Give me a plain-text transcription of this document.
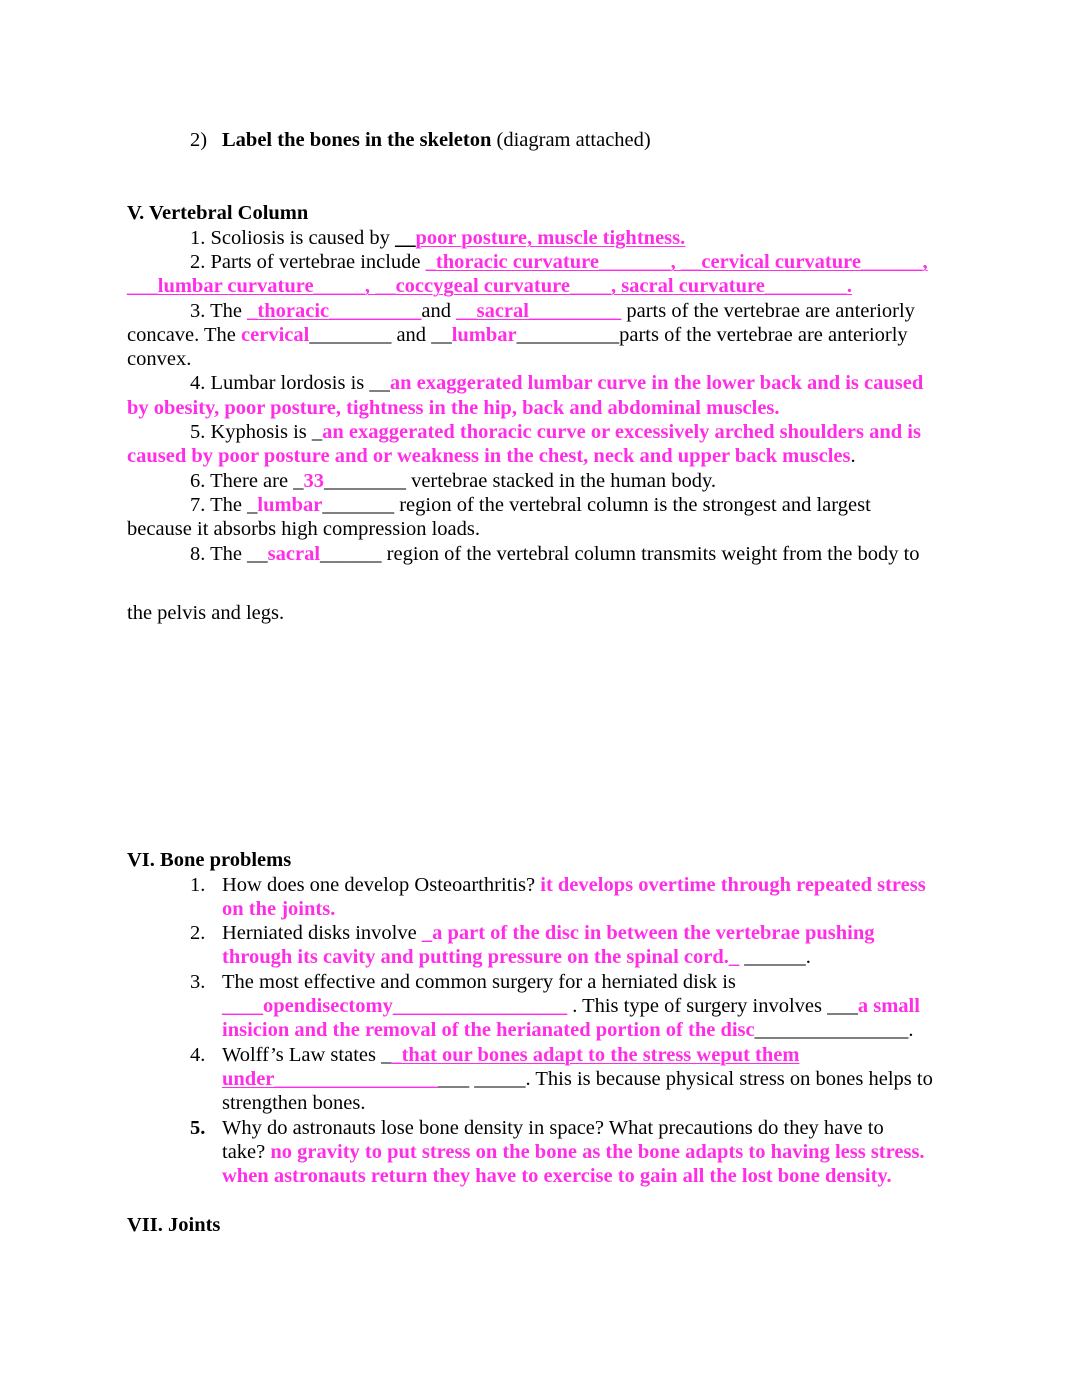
2) Label the bones in the skeleton (diagram attached)
V. Vertebral Column
1. Scoliosis is caused by __poor posture, muscle tightness.
2. Parts of vertebrae include _thoracic curvature_______, __cervical curvature______,
___lumbar curvature_____, __coccygeal curvature____, sacral curvature________.
3. The _thoracic_________and __sacral_________ parts of the vertebrae are anteriorly
concave. The cervical________ and __lumbar__________parts of the vertebrae are anteriorly
convex.
4. Lumbar lordosis is __an exaggerated lumbar curve in the lower back and is caused
by obesity, poor posture, tightness in the hip, back and abdominal muscles.
5. Kyphosis is _an exaggerated thoracic curve or excessively arched shoulders and is
caused by poor posture and or weakness in the chest, neck and upper back muscles.
6. There are _33________ vertebrae stacked in the human body.
7. The _lumbar_______ region of the vertebral column is the strongest and largest
because it absorbs high compression loads.
8. The __sacral______ region of the vertebral column transmits weight from the body to
the pelvis and legs.
VI. Bone problems
1. How does one develop Osteoarthritis? it develops overtime through repeated stress
on the joints.
2. Herniated disks involve _a part of the disc in between the vertebrae pushing
through its cavity and putting pressure on the spinal cord._ ______.
3. The most effective and common surgery for a herniated disk is
____opendisectomy_________________ . This type of surgery involves ___a small
insicion and the removal of the herianated portion of the disc_______________.
4. Wolff’s Law states __that our bones adapt to the stress weput them
under___________________ _____. This is because physical stress on bones helps to
strengthen bones.
5. Why do astronauts lose bone density in space? What precautions do they have to
take? no gravity to put stress on the bone as the bone adapts to having less stress.
when astronauts return they have to exercise to gain all the lost bone density.
VII. Joints
